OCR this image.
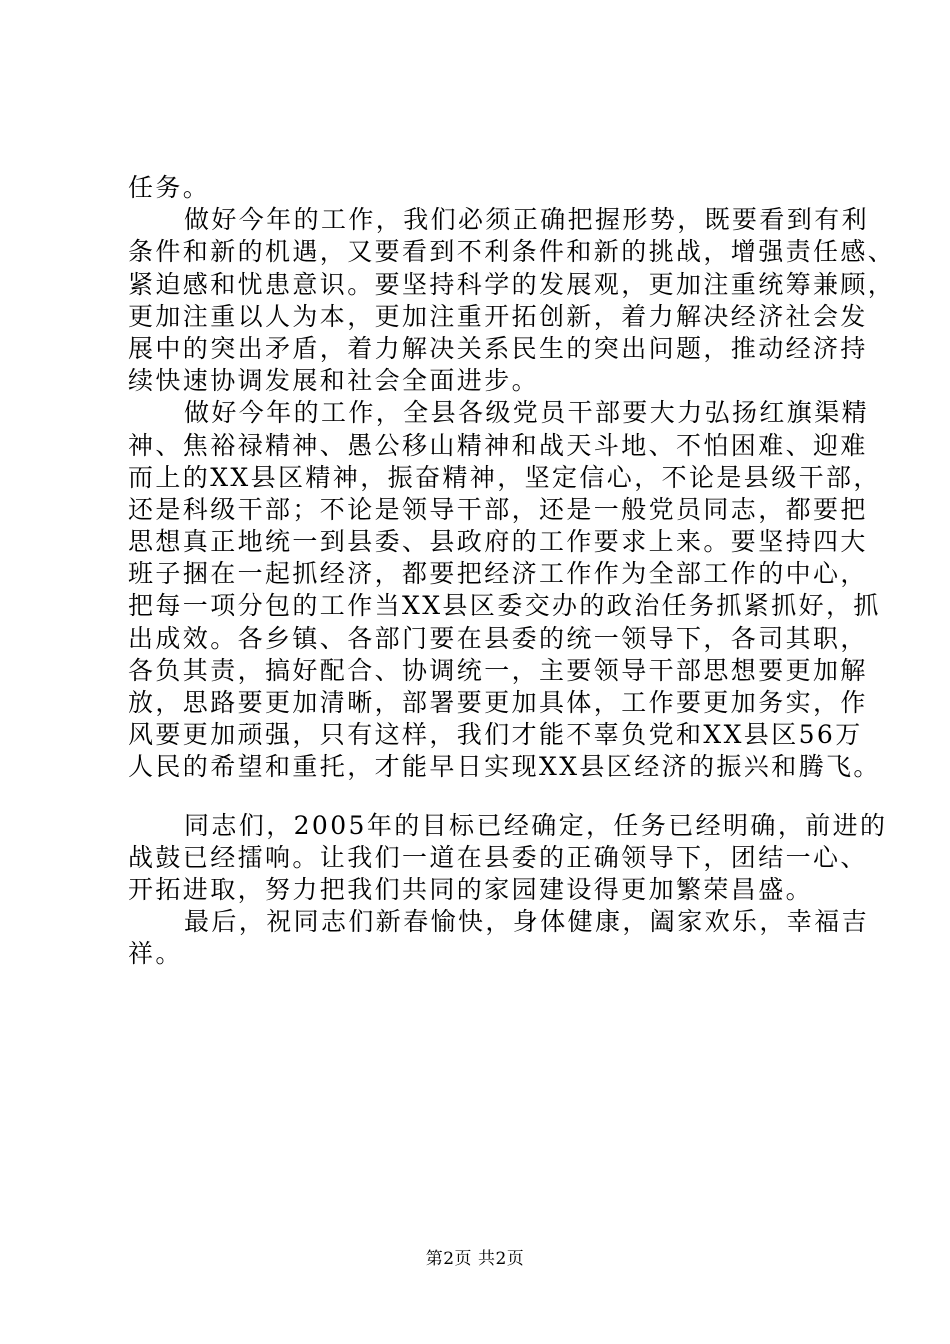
任务。
做好今年的工作，我们必须正确把握形势，既要看到有利
条件和新的机遇，又要看到不利条件和新的挑战，增强责任感、
紧迫感和忧患意识。要坚持科学的发展观，更加注重统筹兼顾，
更加注重以人为本，更加注重开拓创新，着力解决经济社会发
展中的突出矛盾，着力解决关系民生的突出问题，推动经济持
续快速协调发展和社会全面进步。
做好今年的工作，全县各级党员干部要大力弘扬红旗渠精
神、焦裕禄精神、愚公移山精神和战天斗地、不怕困难、迎难
而上的XX县区精神，振奋精神，坚定信心，不论是县级干部，
还是科级干部；不论是领导干部，还是一般党员同志，都要把
思想真正地统一到县委、县政府的工作要求上来。要坚持四大
班子捆在一起抓经济，都要把经济工作作为全部工作的中心，
把每一项分包的工作当XX县区委交办的政治任务抓紧抓好，抓
出成效。各乡镇、各部门要在县委的统一领导下，各司其职，
各负其责，搞好配合、协调统一，主要领导干部思想要更加解
放，思路要更加清晰，部署要更加具体，工作要更加务实，作
风要更加顽强，只有这样，我们才能不辜负党和XX县区56万
人民的希望和重托，才能早日实现XX县区经济的振兴和腾飞。
同志们，2005年的目标已经确定，任务已经明确，前进的
战鼓已经擂响。让我们一道在县委的正确领导下，团结一心、
开拓进取，努力把我们共同的家园建设得更加繁荣昌盛。
最后，祝同志们新春愉快，身体健康，阖家欢乐，幸福吉
祥。
第2页 共2页
